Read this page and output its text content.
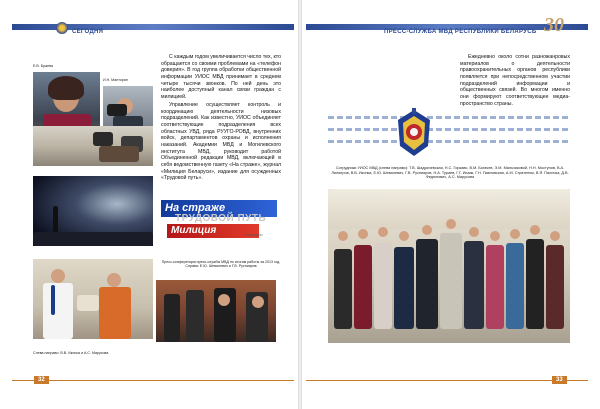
СЕГОДНЯ
Е.В. Браева
И.Н. Манторин
На страже
ТРУДОВОЙ ПУТЬ
Милиция	Беларуси

С каждым годом увеличивается число тех, кто обращается со своими проблемами на «телефон доверия». В год группа обработки общественной информации УИОС МВД принимает в среднем четыре тысячи звонков. По ней день это наиболее доступный канал связи граждан с милицией.

Управление осуществляет контроль и координацию деятельности низовых подразделений. Как известно, УИОС объединяет соответствующие подразделения всех областных УВД, ряда РУУГО-РОВД, внутренних войск, департаментов охраны и исполнения наказаний. Академии МВД и Могилевского института МВД, руководит работой Объединенной редакции МВД, включающей в себя ведомственную газету «На страже», журнал «Милиция Беларуси», издание для осужденных «Трудовой путь».

Слева направо: В.В. Иконка и А.С. Марусова
Пресс-конференция пресс-службы МВД по итогам работы за 2013 год. Справа: Е.Ю. Шевалевич и Г.В. Руснияров
32
ПРЕСС-СЛУЖБА МВД РЕСПУБЛИКИ БЕЛАРУСЬ 30

Ежедневно около сотни разножанровых материалов о деятельности правоохранительных органов республики появляется при непосредственном участии подразделений информации и общественных связей. Во многом именно они формируют соответствующее медиа-пространство страны.

Сотрудники УИОС МВД (слева направо): Т.В. Шадричевская, Н.С. Горкаво, В.М. Богачев, Э.М. Мальчиковой, Н.Н. Мостунов, В.А. Лиляеров, В.В. Иконка, Е.Ю. Шевалевич, Г.В. Руснияров, Н.А. Тураев, Г.Г. Исаак, Г.Н. Павловская, А.М. Стратенюк, В.Я. Паличка, Д.В. Федюнович, А.С. Марусова
33
